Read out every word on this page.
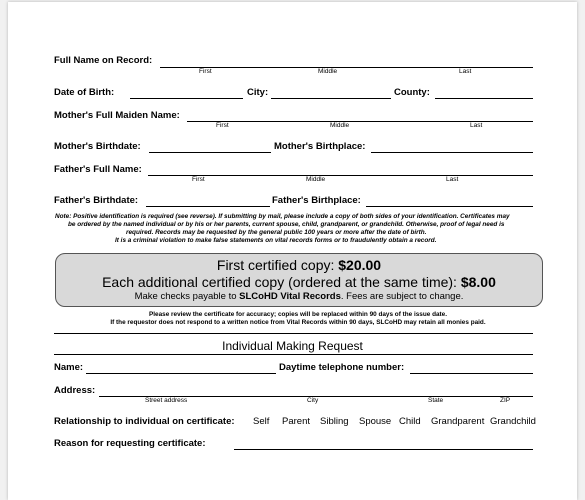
Full Name on Record:
First	Middle	Last
Date of Birth:	City:	County:
Mother's Full Maiden Name:
First	Middle	Last
Mother's Birthdate:	Mother's Birthplace:
Father's Full Name:
First	Middle	Last
Father's Birthdate:	Father's Birthplace:
Note: Positive identification is required (see reverse). If submitting by mail, please include a copy of both sides of your identification. Certificates may
be ordered by the named individual or by his or her parents, current spouse, child, grandparent, or grandchild. Otherwise, proof of legal need is
required. Records may be requested by the general public 100 years or more after the date of birth.
It is a criminal violation to make false statements on vital records forms or to fraudulently obtain a record.
First certified copy: $20.00
Each additional certified copy (ordered at the same time): $8.00
Make checks payable to SLCoHD Vital Records. Fees are subject to change.
Please review the certificate for accuracy; copies will be replaced within 90 days of the issue date.
If the requestor does not respond to a written notice from Vital Records within 90 days, SLCoHD may retain all monies paid.
Individual Making Request
Name:	Daytime telephone number:
Address:
Street address	City	State	ZIP
Relationship to individual on certificate: Self Parent Sibling Spouse Child Grandparent Grandchild
Reason for requesting certificate:
